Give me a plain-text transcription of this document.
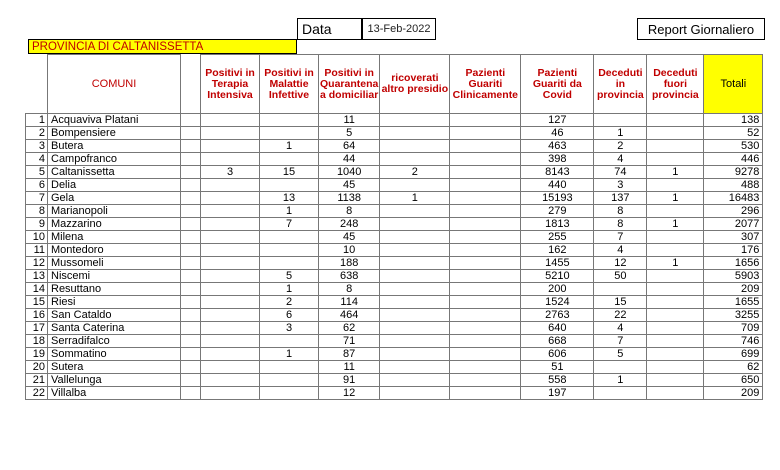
Data	13-Feb-2022	Report Giornaliero
PROVINCIA DI CALTANISSETTA
	COMUNI		Positivi in Terapia Intensiva	Positivi in Malattie Infettive	Positivi in Quarantena a domiciliar	ricoverati altro presidio	Pazienti Guariti Clinicamente	Pazienti Guariti da Covid	Deceduti in provincia	Deceduti fuori provincia	Totali
1	Acquaviva Platani				11			127			138
2	Bompensiere				5			46	1		52
3	Butera			1	64			463	2		530
4	Campofranco				44			398	4		446
5	Caltanissetta		3	15	1040	2		8143	74	1	9278
6	Delia				45			440	3		488
7	Gela			13	1138	1		15193	137	1	16483
8	Marianopoli			1	8			279	8		296
9	Mazzarino			7	248			1813	8	1	2077
10	Milena				45			255	7		307
11	Montedoro				10			162	4		176
12	Mussomeli				188			1455	12	1	1656
13	Niscemi			5	638			5210	50		5903
14	Resuttano			1	8			200			209
15	Riesi			2	114			1524	15		1655
16	San Cataldo			6	464			2763	22		3255
17	Santa Caterina			3	62			640	4		709
18	Serradifalco				71			668	7		746
19	Sommatino			1	87			606	5		699
20	Sutera				11			51			62
21	Vallelunga				91			558	1		650
22	Villalba				12			197			209
